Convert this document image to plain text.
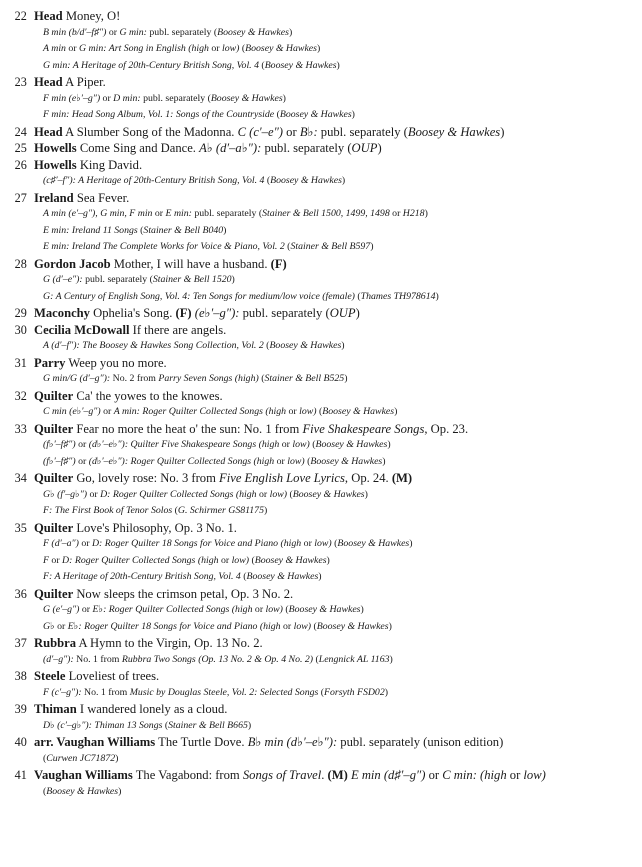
22 Head Money, O!
B min (b/d′–f♯″) or G min: publ. separately (Boosey & Hawkes)
A min or G min: Art Song in English (high or low) (Boosey & Hawkes)
G min: A Heritage of 20th-Century British Song, Vol. 4 (Boosey & Hawkes)
23 Head A Piper.
F min (e♭′–g″) or D min: publ. separately (Boosey & Hawkes)
F min: Head Song Album, Vol. 1: Songs of the Countryside (Boosey & Hawkes)
24 Head A Slumber Song of the Madonna. C (c′–e″) or B♭: publ. separately (Boosey & Hawkes)
25 Howells Come Sing and Dance. A♭ (d′–a♭″): publ. separately (OUP)
26 Howells King David.
(c♯′–f″): A Heritage of 20th-Century British Song, Vol. 4 (Boosey & Hawkes)
27 Ireland Sea Fever.
A min (e′–g″), G min, F min or E min: publ. separately (Stainer & Bell 1500, 1499, 1498 or H218)
E min: Ireland 11 Songs (Stainer & Bell B040)
E min: Ireland The Complete Works for Voice & Piano, Vol. 2 (Stainer & Bell B597)
28 Gordon Jacob Mother, I will have a husband. (F)
G (d′–e″): publ. separately (Stainer & Bell 1520)
G: A Century of English Song, Vol. 4: Ten Songs for medium/low voice (female) (Thames TH978614)
29 Maconchy Ophelia's Song. (F) (e♭′–g″): publ. separately (OUP)
30 Cecilia McDowall If there are angels.
A (d′–f″): The Boosey & Hawkes Song Collection, Vol. 2 (Boosey & Hawkes)
31 Parry Weep you no more.
G min/G (d′–g″): No. 2 from Parry Seven Songs (high) (Stainer & Bell B525)
32 Quilter Ca' the yowes to the knowes.
C min (e♭′–g″) or A min: Roger Quilter Collected Songs (high or low) (Boosey & Hawkes)
33 Quilter Fear no more the heat o' the sun: No. 1 from Five Shakespeare Songs, Op. 23.
(f♭′–f♯″) or (d♭′–e♭″): Quilter Five Shakespeare Songs (high or low) (Boosey & Hawkes)
(f♭′–f♯″) or (d♭′–e♭″): Roger Quilter Collected Songs (high or low) (Boosey & Hawkes)
34 Quilter Go, lovely rose: No. 3 from Five English Love Lyrics, Op. 24. (M)
G♭ (f′–g♭″) or D: Roger Quilter Collected Songs (high or low) (Boosey & Hawkes)
F: The First Book of Tenor Solos (G. Schirmer GS81175)
35 Quilter Love's Philosophy, Op. 3 No. 1.
F (d′–a″) or D: Roger Quilter 18 Songs for Voice and Piano (high or low) (Boosey & Hawkes)
F or D: Roger Quilter Collected Songs (high or low) (Boosey & Hawkes)
F: A Heritage of 20th-Century British Song, Vol. 4 (Boosey & Hawkes)
36 Quilter Now sleeps the crimson petal, Op. 3 No. 2.
G (e′–g″) or E♭: Roger Quilter Collected Songs (high or low) (Boosey & Hawkes)
G♭ or E♭: Roger Quilter 18 Songs for Voice and Piano (high or low) (Boosey & Hawkes)
37 Rubbra A Hymn to the Virgin, Op. 13 No. 2.
(d′–g″): No. 1 from Rubbra Two Songs (Op. 13 No. 2 & Op. 4 No. 2) (Lengnick AL 1163)
38 Steele Loveliest of trees.
F (c′–g″): No. 1 from Music by Douglas Steele, Vol. 2: Selected Songs (Forsyth FSD02)
39 Thiman I wandered lonely as a cloud.
D♭ (c′–g♭″): Thiman 13 Songs (Stainer & Bell B665)
40 arr. Vaughan Williams The Turtle Dove. B♭ min (d♭′–e♭″): publ. separately (unison edition)
(Curwen JC71872)
41 Vaughan Williams The Vagabond: from Songs of Travel. (M) E min (d♯′–g″) or C min: (high or low)
(Boosey & Hawkes)
